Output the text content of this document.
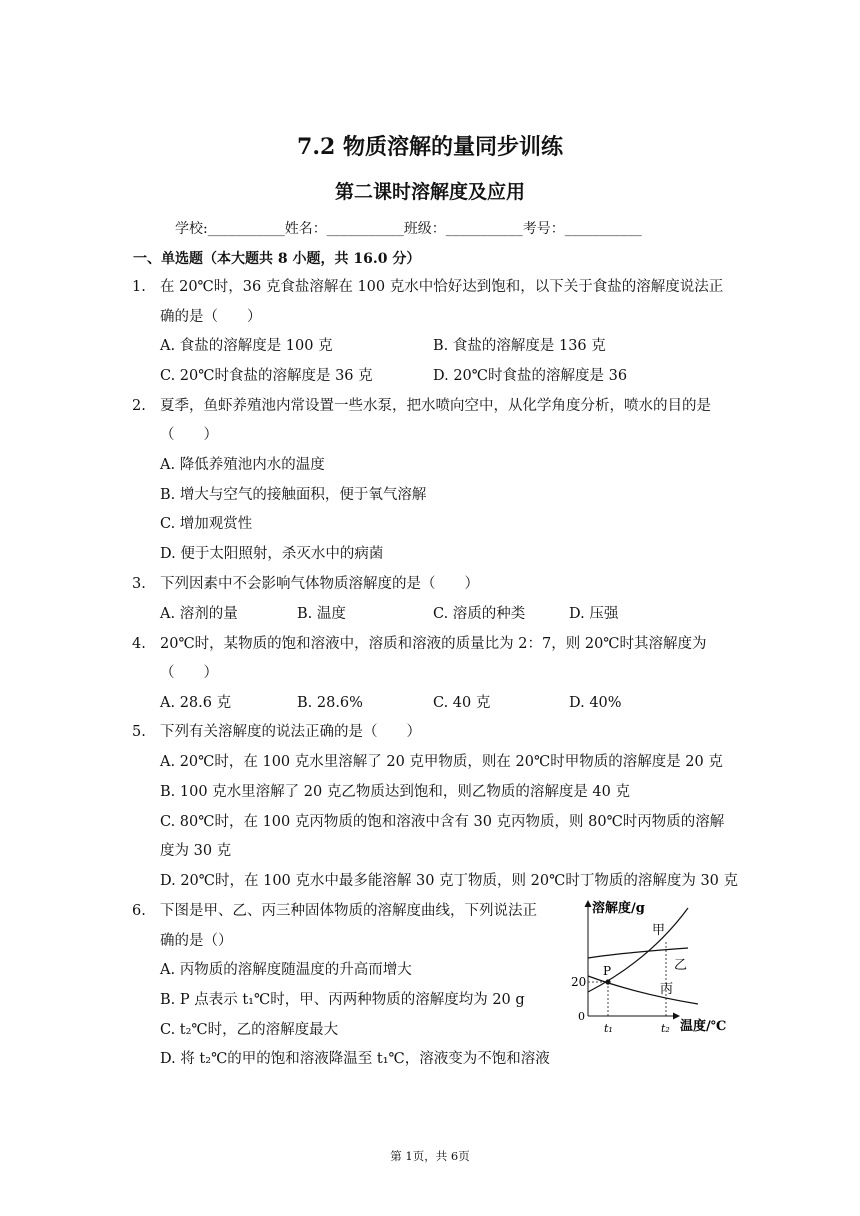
7.2 物质溶解的量同步训练
第二课时溶解度及应用
学校:___________姓名：___________班级：___________考号：___________
一、单选题（本大题共 8 小题，共 16.0 分）
1. 在 20℃时，36 克食盐溶解在 100 克水中恰好达到饱和，以下关于食盐的溶解度说法正
确的是（　　）
A. 食盐的溶解度是 100 克	B. 食盐的溶解度是 136 克
C. 20℃时食盐的溶解度是 36 克	D. 20℃时食盐的溶解度是 36
2. 夏季，鱼虾养殖池内常设置一些水泵，把水喷向空中，从化学角度分析，喷水的目的是
（　　）
A. 降低养殖池内水的温度
B. 增大与空气的接触面积，便于氧气溶解
C. 增加观赏性
D. 便于太阳照射，杀灭水中的病菌
3. 下列因素中不会影响气体物质溶解度的是（　　）
A. 溶剂的量	B. 温度	C. 溶质的种类	D. 压强
4. 20℃时，某物质的饱和溶液中，溶质和溶液的质量比为 2：7，则 20℃时其溶解度为
（　　）
A. 28.6 克	B. 28.6%	C. 40 克	D. 40%
5. 下列有关溶解度的说法正确的是（　　）
A. 20℃时，在 100 克水里溶解了 20 克甲物质，则在 20℃时甲物质的溶解度是 20 克
B. 100 克水里溶解了 20 克乙物质达到饱和，则乙物质的溶解度是 40 克
C. 80℃时，在 100 克丙物质的饱和溶液中含有 30 克丙物质，则 80℃时丙物质的溶解
度为 30 克
D. 20℃时，在 100 克水中最多能溶解 30 克丁物质，则 20℃时丁物质的溶解度为 30 克
6. 下图是甲、乙、丙三种固体物质的溶解度曲线，下列说法正
确的是（）
A. 丙物质的溶解度随温度的升高而增大
B. P 点表示 t₁℃时，甲、丙两种物质的溶解度均为 20 g
C. t₂℃时，乙的溶解度最大
D. 将 t₂℃的甲的饱和溶液降温至 t₁℃，溶液变为不饱和溶液
溶解度/g
温度/℃
20
0
t₁	t₂
P
甲
乙
丙
第 1页，共 6页
